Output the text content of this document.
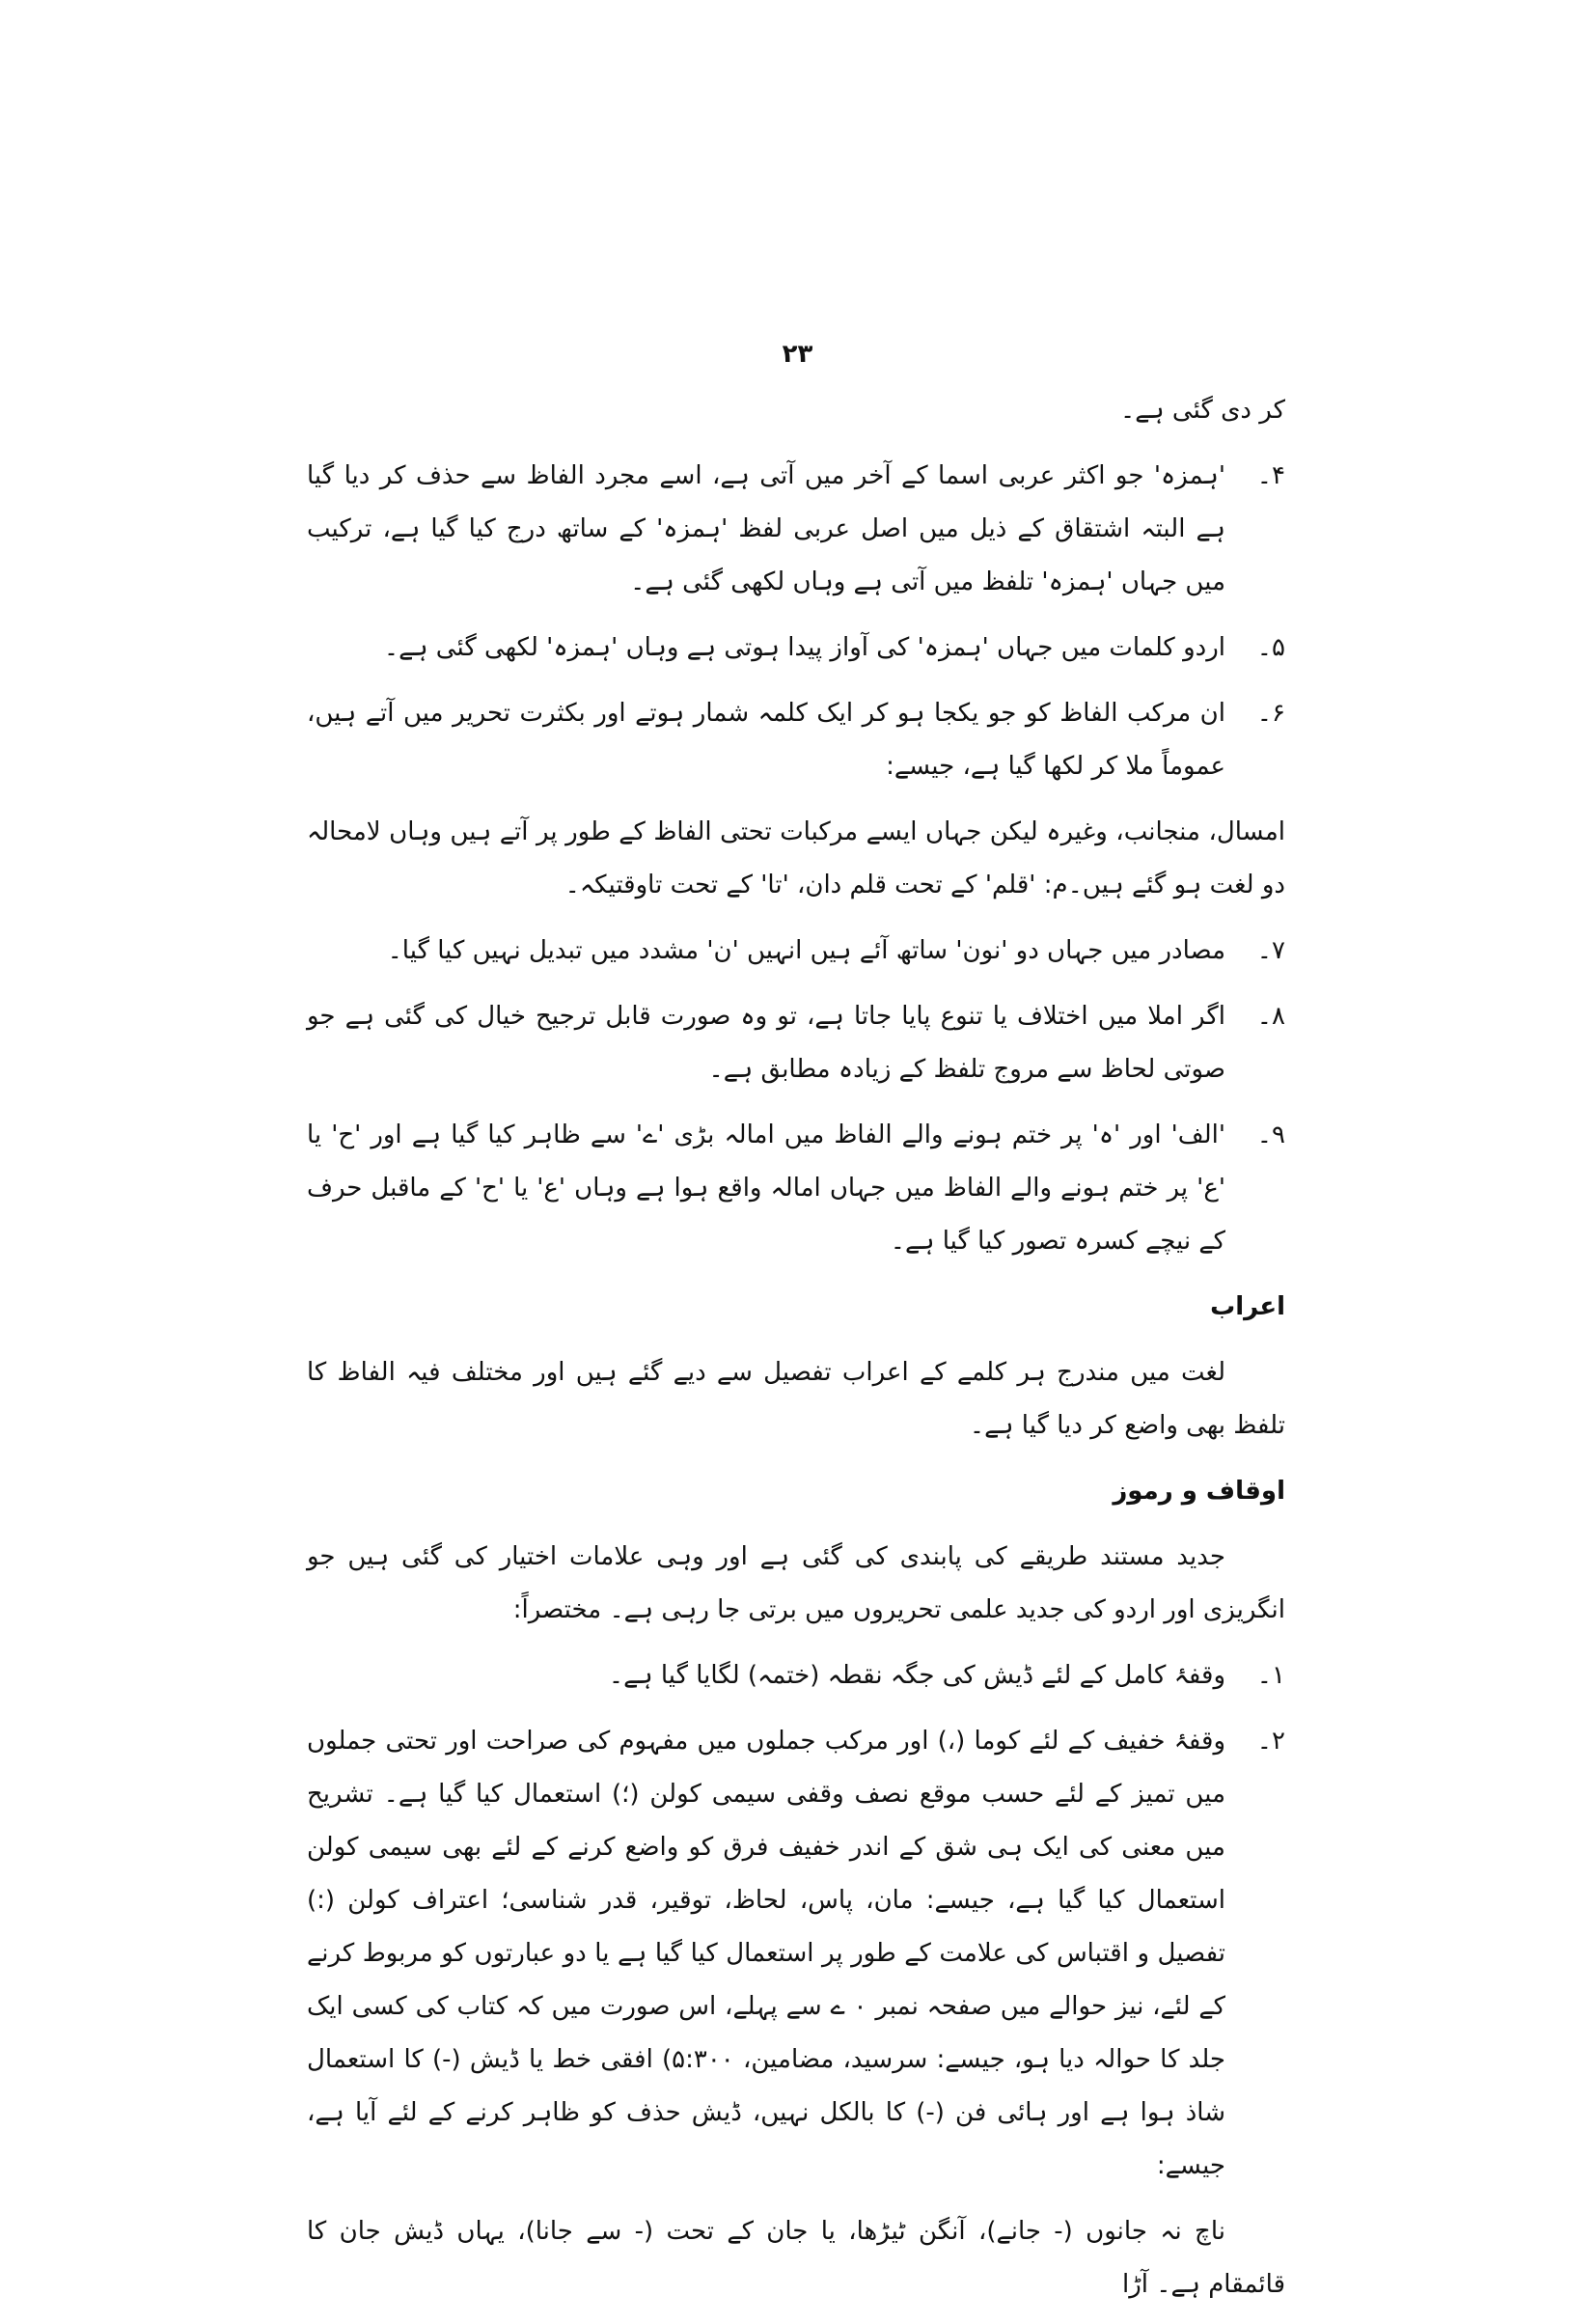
۲۳

کر دی گئی ہے۔

۴۔
'ہمزہ' جو اکثر عربی اسما کے آخر میں آتی ہے، اسے مجرد الفاظ سے حذف کر دیا گیا ہے البتہ اشتقاق کے ذیل میں اصل عربی لفظ 'ہمزہ' کے ساتھ درج کیا گیا ہے، ترکیب میں جہاں 'ہمزہ' تلفظ میں آتی ہے وہاں لکھی گئی ہے۔

۵۔
اردو کلمات میں جہاں 'ہمزہ' کی آواز پیدا ہوتی ہے وہاں 'ہمزہ' لکھی گئی ہے۔

۶۔
ان مرکب الفاظ کو جو یکجا ہو کر ایک کلمہ شمار ہوتے اور بکثرت تحریر میں آتے ہیں، عموماً ملا کر لکھا گیا ہے، جیسے:

امسال، منجانب، وغیرہ لیکن جہاں ایسے مرکبات تحتی الفاظ کے طور پر آتے ہیں وہاں لامحالہ دو لغت ہو گئے ہیں۔م: 'قلم' کے تحت قلم دان، 'تا' کے تحت تاوقتیکہ۔

۷۔
مصادر میں جہاں دو 'نون' ساتھ آئے ہیں انہیں 'ن' مشدد میں تبدیل نہیں کیا گیا۔

۸۔
اگر املا میں اختلاف یا تنوع پایا جاتا ہے، تو وہ صورت قابل ترجیح خیال کی گئی ہے جو صوتی لحاظ سے مروج تلفظ کے زیادہ مطابق ہے۔

۹۔
'الف' اور 'ہ' پر ختم ہونے والے الفاظ میں امالہ بڑی 'ے' سے ظاہر کیا گیا ہے اور 'ح' یا 'ع' پر ختم ہونے والے الفاظ میں جہاں امالہ واقع ہوا ہے وہاں 'ع' یا 'ح' کے ماقبل حرف کے نیچے کسرہ تصور کیا گیا ہے۔

اعراب

لغت میں مندرج ہر کلمے کے اعراب تفصیل سے دیے گئے ہیں اور مختلف فیہ الفاظ کا تلفظ بھی واضع کر دیا گیا ہے۔

اوقاف و رموز

جدید مستند طریقے کی پابندی کی گئی ہے اور وہی علامات اختیار کی گئی ہیں جو انگریزی اور اردو کی جدید علمی تحریروں میں برتی جا رہی ہے۔ مختصراً:

۱۔
وقفۂ کامل کے لئے ڈیش کی جگہ نقطہ (ختمہ) لگایا گیا ہے۔

۲۔
وقفۂ خفیف کے لئے کوما (،) اور مرکب جملوں میں مفہوم کی صراحت اور تحتی جملوں میں تمیز کے لئے حسب موقع نصف وقفی سیمی کولن (؛) استعمال کیا گیا ہے۔ تشریح میں معنی کی ایک ہی شق کے اندر خفیف فرق کو واضع کرنے کے لئے بھی سیمی کولن استعمال کیا گیا ہے، جیسے: مان، پاس، لحاظ، توقیر، قدر شناسی؛ اعتراف کولن (:) تفصیل و اقتباس کی علامت کے طور پر استعمال کیا گیا ہے یا دو عبارتوں کو مربوط کرنے کے لئے، نیز حوالے میں صفحہ نمبر ۰ ے سے پہلے، اس صورت میں کہ کتاب کی کسی ایک جلد کا حوالہ دیا ہو، جیسے: سرسید، مضامین، ۵:۳۰۰) افقی خط یا ڈیش (-) کا استعمال شاذ ہوا ہے اور ہائی فن (-) کا بالکل نہیں، ڈیش حذف کو ظاہر کرنے کے لئے آیا ہے، جیسے:

ناچ نہ جانوں (- جانے)، آنگن ٹیڑھا، یا جان کے تحت (- سے جانا)، یہاں ڈیش جان کا قائمقام ہے۔ آڑا
